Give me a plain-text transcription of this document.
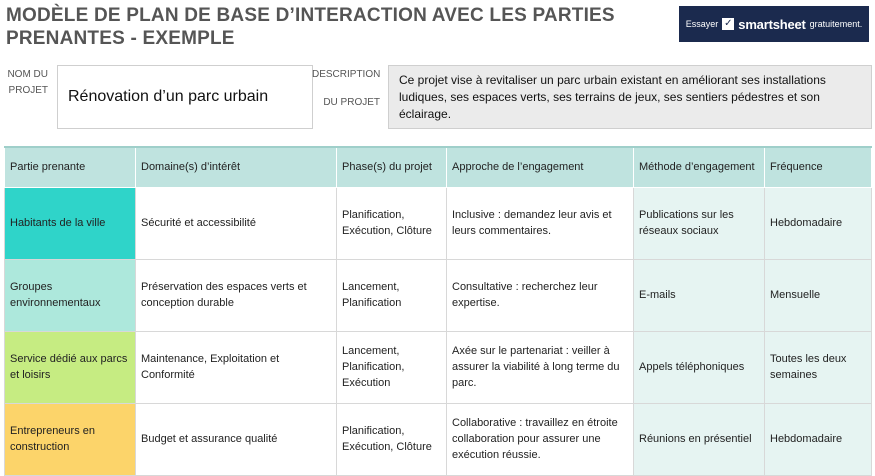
MODÈLE DE PLAN DE BASE D’INTERACTION AVEC LES PARTIES PRENANTES - EXEMPLE
Essayer ✓ smartsheet gratuitement.
NOM DU
PROJET	Rénovation d’un parc urbain
DESCRIPTION
DU PROJET
Ce projet vise à revitaliser un parc urbain existant en améliorant ses installations ludiques, ses espaces verts, ses terrains de jeux, ses sentiers pédestres et son éclairage.
Partie prenante	Domaine(s) d’intérêt	Phase(s) du projet	Approche de l’engagement	Méthode d’engagement	Fréquence
Habitants de la ville	Sécurité et accessibilité	Planification, Exécution, Clôture	Inclusive : demandez leur avis et leurs commentaires.	Publications sur les réseaux sociaux	Hebdomadaire
Groupes environnementaux	Préservation des espaces verts et conception durable	Lancement, Planification	Consultative : recherchez leur expertise.	E-mails	Mensuelle
Service dédié aux parcs et loisirs	Maintenance, Exploitation et Conformité	Lancement, Planification, Exécution	Axée sur le partenariat : veiller à assurer la viabilité à long terme du parc.	Appels téléphoniques	Toutes les deux semaines
Entrepreneurs en construction	Budget et assurance qualité	Planification, Exécution, Clôture	Collaborative : travaillez en étroite collaboration pour assurer une exécution réussie.	Réunions en présentiel	Hebdomadaire
